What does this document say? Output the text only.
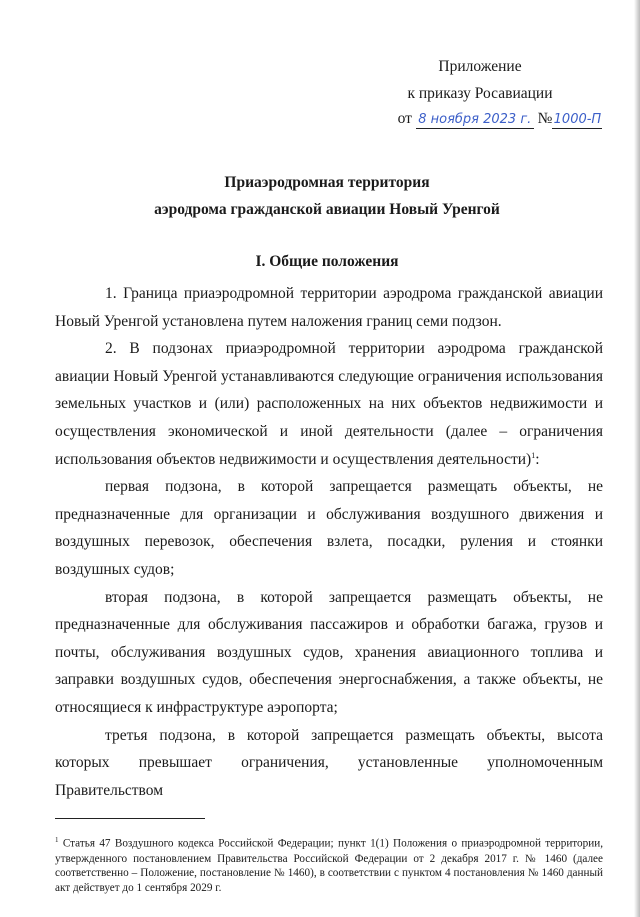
Приложение
к приказу Росавиации
от 8 ноября 2023 г. №1000-П
Приаэродромная территория
аэродрома гражданской авиации Новый Уренгой
I. Общие положения

1. Граница приаэродромной территории аэродрома гражданской авиации Новый Уренгой установлена путем наложения границ семи подзон.

2. В подзонах приаэродромной территории аэродрома гражданской авиации Новый Уренгой устанавливаются следующие ограничения использования земельных участков и (или) расположенных на них объектов недвижимости и осуществления экономической и иной деятельности (далее – ограничения использования объектов недвижимости и осуществления деятельности)$^1$:

первая подзона, в которой запрещается размещать объекты, не предназначенные для организации и обслуживания воздушного движения и воздушных перевозок, обеспечения взлета, посадки, руления и стоянки воздушных судов;

вторая подзона, в которой запрещается размещать объекты, не предназначенные для обслуживания пассажиров и обработки багажа, грузов и почты, обслуживания воздушных судов, хранения авиационного топлива и заправки воздушных судов, обеспечения энергоснабжения, а также объекты, не относящиеся к инфраструктуре аэропорта;

третья подзона, в которой запрещается размещать объекты, высота которых превышает ограничения, установленные уполномоченным Правительством

$^1$ Статья 47 Воздушного кодекса Российской Федерации; пункт 1(1) Положения о приаэродромной территории, утвержденного постановлением Правительства Российской Федерации от 2 декабря 2017 г. № 1460 (далее соответственно – Положение, постановление № 1460), в соответствии с пунктом 4 постановления № 1460 данный акт действует до 1 сентября 2029 г.
